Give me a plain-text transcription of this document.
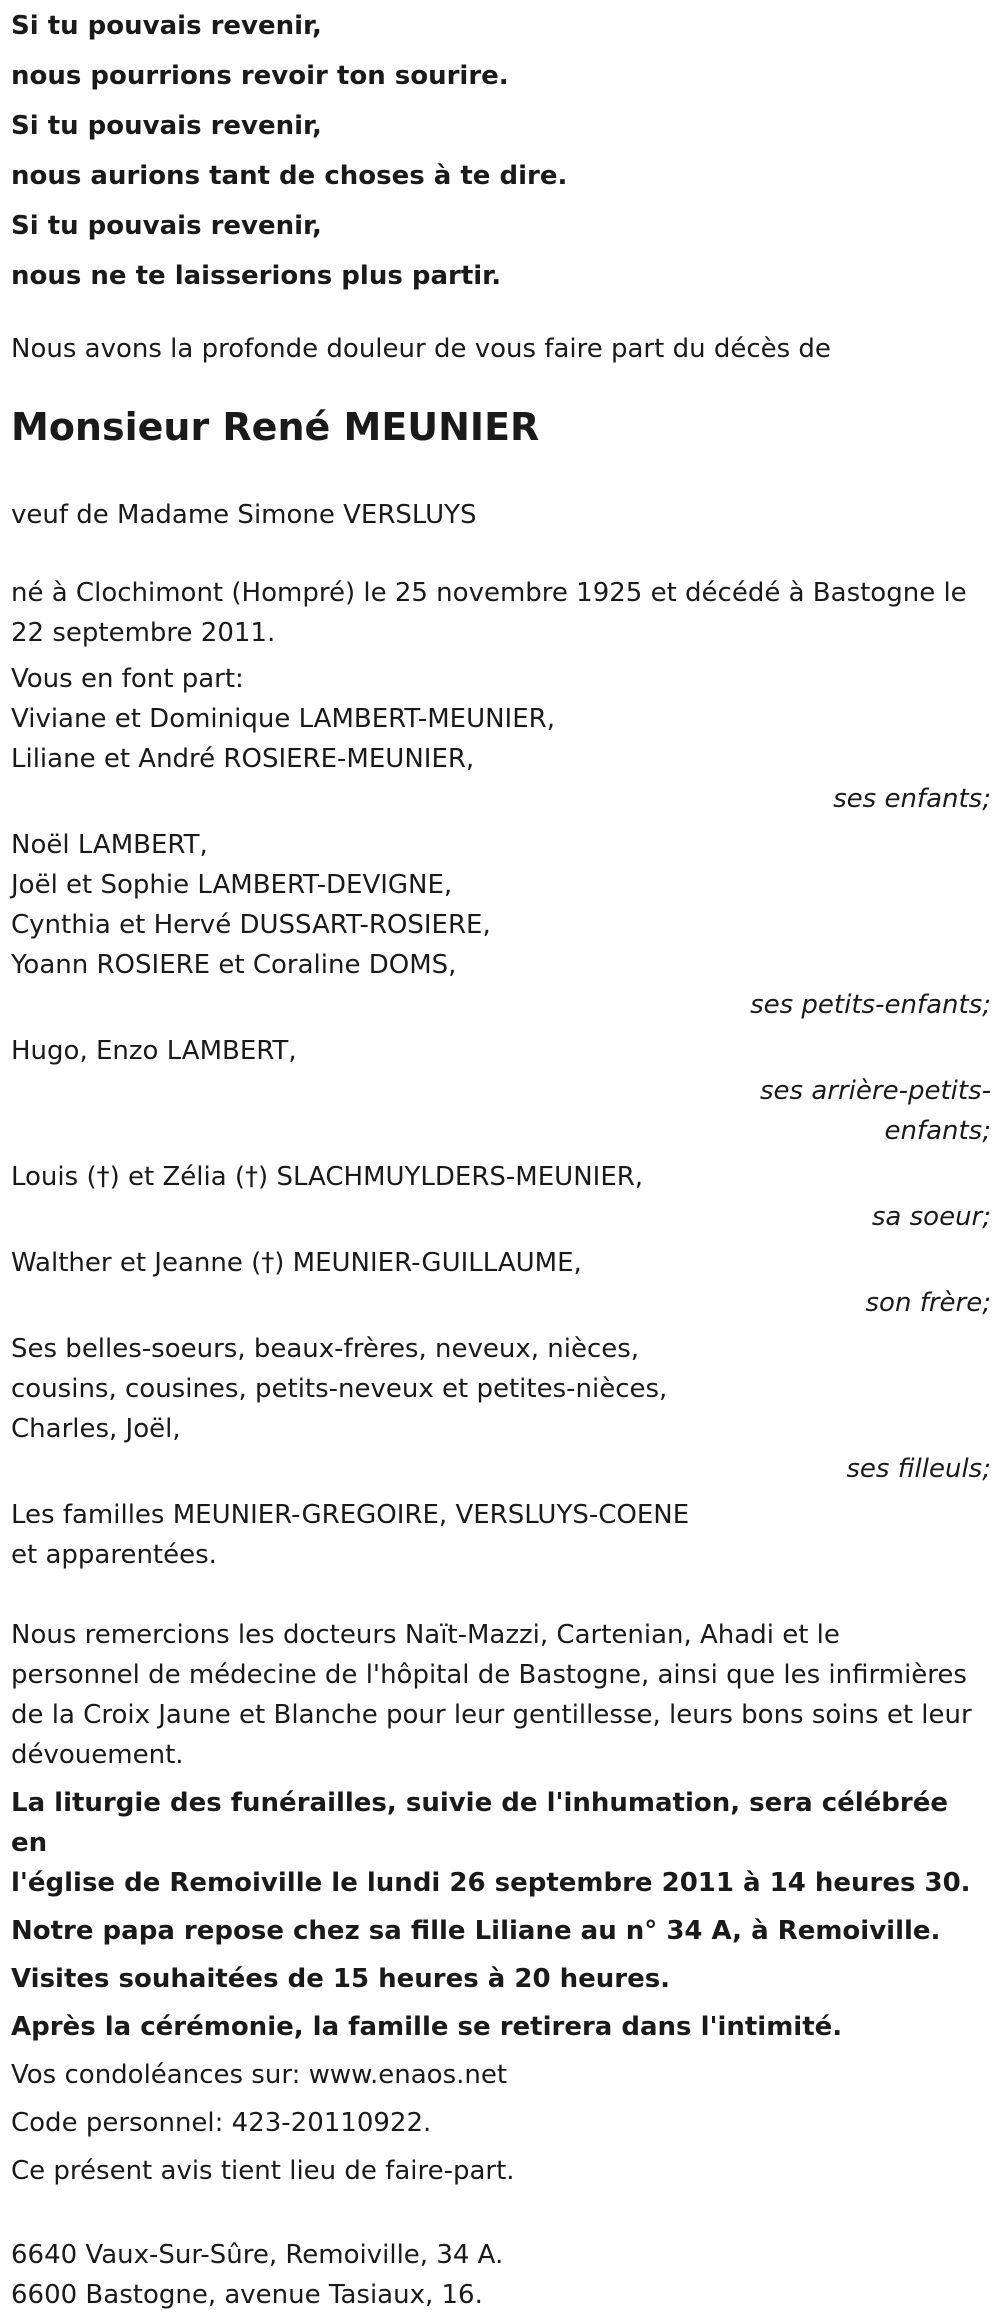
Si tu pouvais revenir,

nous pourrions revoir ton sourire.

Si tu pouvais revenir,

nous aurions tant de choses à te dire.

Si tu pouvais revenir,

nous ne te laisserions plus partir.

Nous avons la profonde douleur de vous faire part du décès de

Monsieur René MEUNIER

veuf de Madame Simone VERSLUYS

né à Clochimont (Hompré) le 25 novembre 1925 et décédé à Bastogne le 22 septembre 2011.

Vous en font part:

Viviane et Dominique LAMBERT-MEUNIER,

Liliane et André ROSIERE-MEUNIER,

ses enfants;

Noël LAMBERT,

Joël et Sophie LAMBERT-DEVIGNE,

Cynthia et Hervé DUSSART-ROSIERE,

Yoann ROSIERE et Coraline DOMS,

ses petits-enfants;

Hugo, Enzo LAMBERT,

ses arrière-petits-

enfants;

Louis (†) et Zélia (†) SLACHMUYLDERS-MEUNIER,

sa soeur;

Walther et Jeanne (†) MEUNIER-GUILLAUME,

son frère;

Ses belles-soeurs, beaux-frères, neveux, nièces,

cousins, cousines, petits-neveux et petites-nièces,

Charles, Joël,

ses filleuls;

Les familles MEUNIER-GREGOIRE, VERSLUYS-COENE

et apparentées.

Nous remercions les docteurs Naït-Mazzi, Cartenian, Ahadi et le

personnel de médecine de l'hôpital de Bastogne, ainsi que les infirmières

de la Croix Jaune et Blanche pour leur gentillesse, leurs bons soins et leur

dévouement.

La liturgie des funérailles, suivie de l'inhumation, sera célébrée en
l'église de Remoiville le lundi 26 septembre 2011 à 14 heures 30.

Notre papa repose chez sa fille Liliane au n° 34 A, à Remoiville.

Visites souhaitées de 15 heures à 20 heures.

Après la cérémonie, la famille se retirera dans l'intimité.

Vos condoléances sur: www.enaos.net

Code personnel: 423-20110922.

Ce présent avis tient lieu de faire-part.

6640 Vaux-Sur-Sûre, Remoiville, 34 A.

6600 Bastogne, avenue Tasiaux, 16.
